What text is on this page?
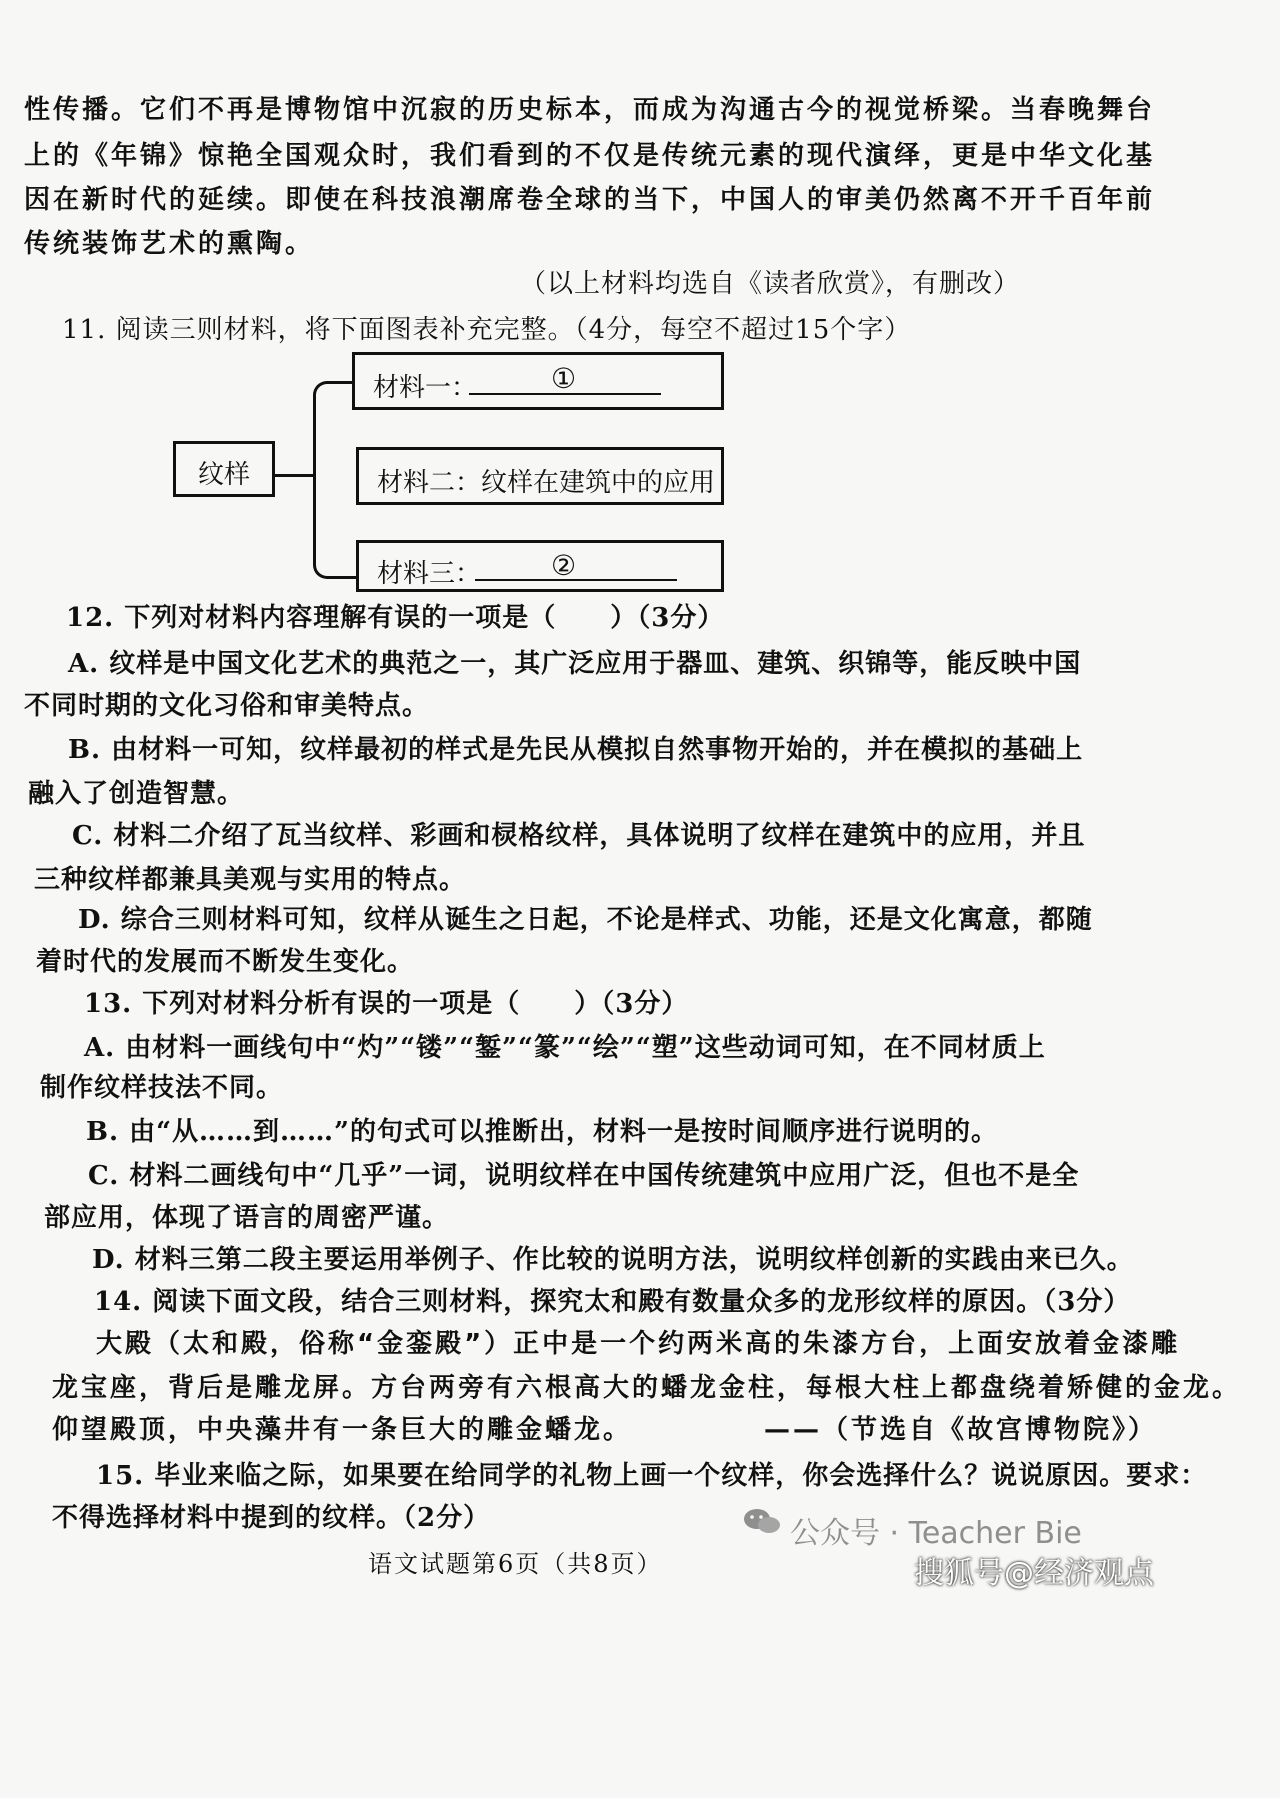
性传播。它们不再是博物馆中沉寂的历史标本，而成为沟通古今的视觉桥梁。当春晚舞台
上的《年锦》惊艳全国观众时，我们看到的不仅是传统元素的现代演绎，更是中华文化基
因在新时代的延续。即使在科技浪潮席卷全球的当下，中国人的审美仍然离不开千百年前
传统装饰艺术的熏陶。
（以上材料均选自《读者欣赏》，有删改）
11. 阅读三则材料，将下面图表补充完整。（4分，每空不超过15个字）
纹样
材料一：	①
材料二：纹样在建筑中的应用
材料三： ②
12. 下列对材料内容理解有误的一项是（　　）（3分）
A. 纹样是中国文化艺术的典范之一，其广泛应用于器皿、建筑、织锦等，能反映中国
不同时期的文化习俗和审美特点。
B. 由材料一可知，纹样最初的样式是先民从模拟自然事物开始的，并在模拟的基础上
融入了创造智慧。
C. 材料二介绍了瓦当纹样、彩画和棂格纹样，具体说明了纹样在建筑中的应用，并且
三种纹样都兼具美观与实用的特点。
D. 综合三则材料可知，纹样从诞生之日起，不论是样式、功能，还是文化寓意，都随
着时代的发展而不断发生变化。
13. 下列对材料分析有误的一项是（　　）（3分）
A. 由材料一画线句中“灼”“镂”“錾”“篆”“绘”“塑”这些动词可知，在不同材质上
制作纹样技法不同。
B. 由“从……到……”的句式可以推断出，材料一是按时间顺序进行说明的。
C. 材料二画线句中“几乎”一词，说明纹样在中国传统建筑中应用广泛，但也不是全
部应用，体现了语言的周密严谨。
D. 材料三第二段主要运用举例子、作比较的说明方法，说明纹样创新的实践由来已久。
14. 阅读下面文段，结合三则材料，探究太和殿有数量众多的龙形纹样的原因。（3分）
大殿（太和殿，俗称“金銮殿”）正中是一个约两米高的朱漆方台，上面安放着金漆雕
龙宝座，背后是雕龙屏。方台两旁有六根高大的蟠龙金柱，每根大柱上都盘绕着矫健的金龙。
仰望殿顶，中央藻井有一条巨大的雕金蟠龙。　　　　　——（节选自《故宫博物院》）
15. 毕业来临之际，如果要在给同学的礼物上画一个纹样，你会选择什么？说说原因。要求：
不得选择材料中提到的纹样。（2分）
语文试题第6页（共8页）
公众号 · Teacher Bie
搜狐号@经济观点
